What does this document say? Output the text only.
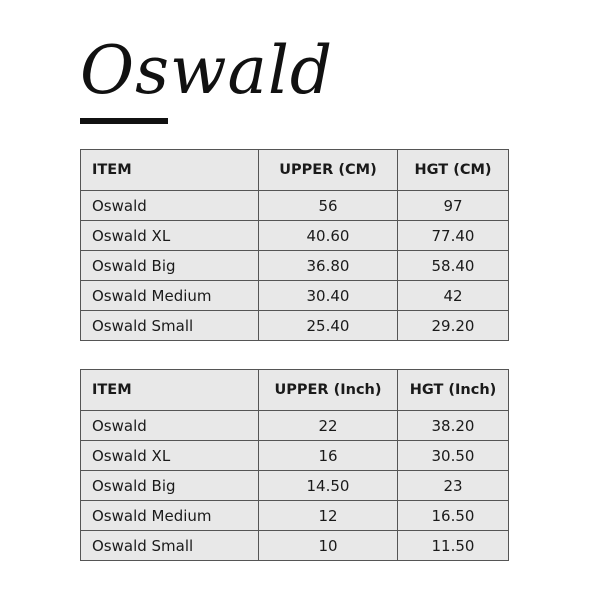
Oswald
ITEM	UPPER (CM)	HGT (CM)
Oswald	56	97
Oswald XL	40.60	77.40
Oswald Big	36.80	58.40
Oswald Medium	30.40	42
Oswald Small	25.40	29.20
ITEM	UPPER (Inch)	HGT (Inch)
Oswald	22	38.20
Oswald XL	16	30.50
Oswald Big	14.50	23
Oswald Medium	12	16.50
Oswald Small	10	11.50
